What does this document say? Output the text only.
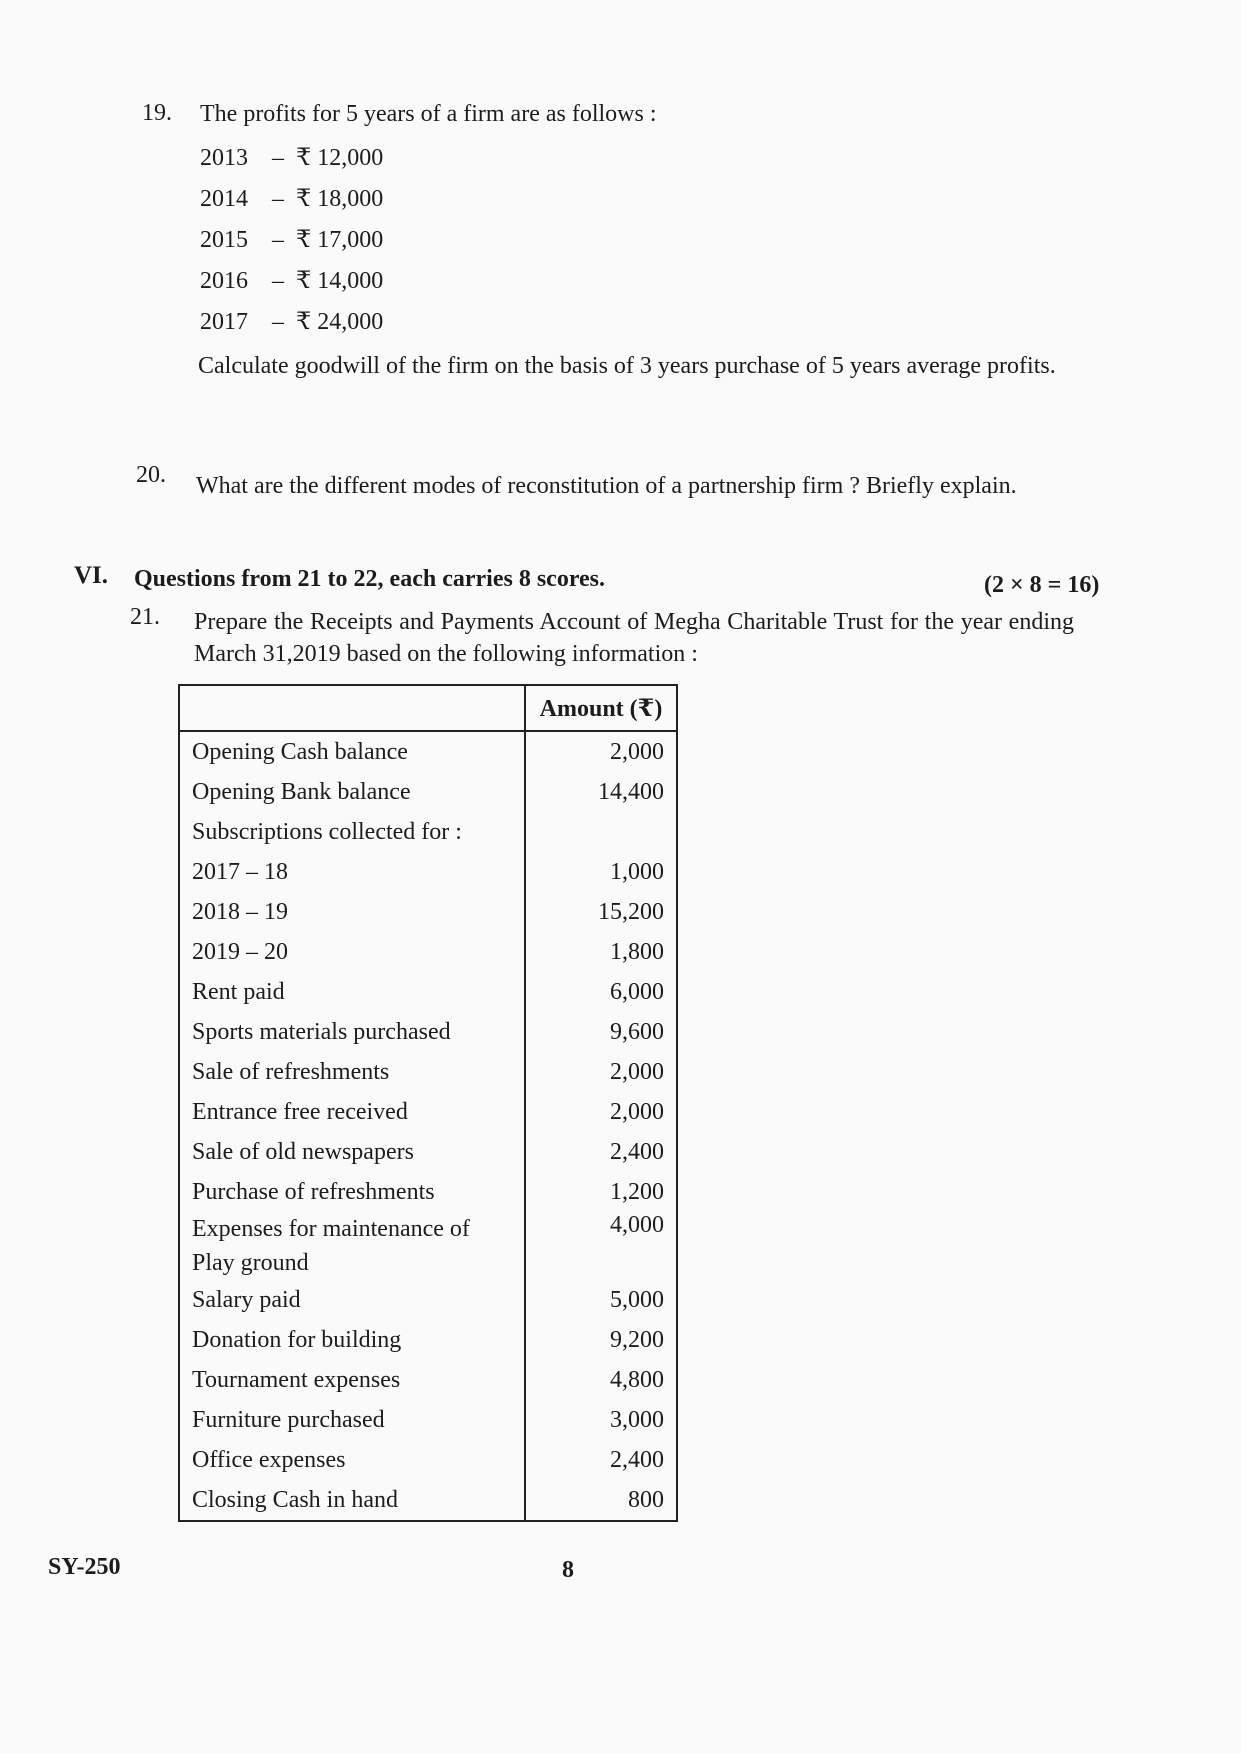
19. The profits for 5 years of a firm are as follows :
2013 – ₹ 12,000
2014 – ₹ 18,000
2015 – ₹ 17,000
2016 – ₹ 14,000
2017 – ₹ 24,000
Calculate goodwill of the firm on the basis of 3 years purchase of 5 years average profits.
20. What are the different modes of reconstitution of a partnership firm ? Briefly explain.
VI. Questions from 21 to 22, each carries 8 scores.	(2 × 8 = 16)
21. Prepare the Receipts and Payments Account of Megha Charitable Trust for the year ending March 31,2019 based on the following information :
	Amount (₹)
Opening Cash balance	2,000
Opening Bank balance	14,400
Subscriptions collected for :	
2017 – 18	1,000
2018 – 19	15,200
2019 – 20	1,800
Rent paid	6,000
Sports materials purchased	9,600
Sale of refreshments	2,000
Entrance free received	2,000
Sale of old newspapers	2,400
Purchase of refreshments	1,200
Expenses for maintenance of Play ground	4,000
Salary paid	5,000
Donation for building	9,200
Tournament expenses	4,800
Furniture purchased	3,000
Office expenses	2,400
Closing Cash in hand	800
SY-250	8
